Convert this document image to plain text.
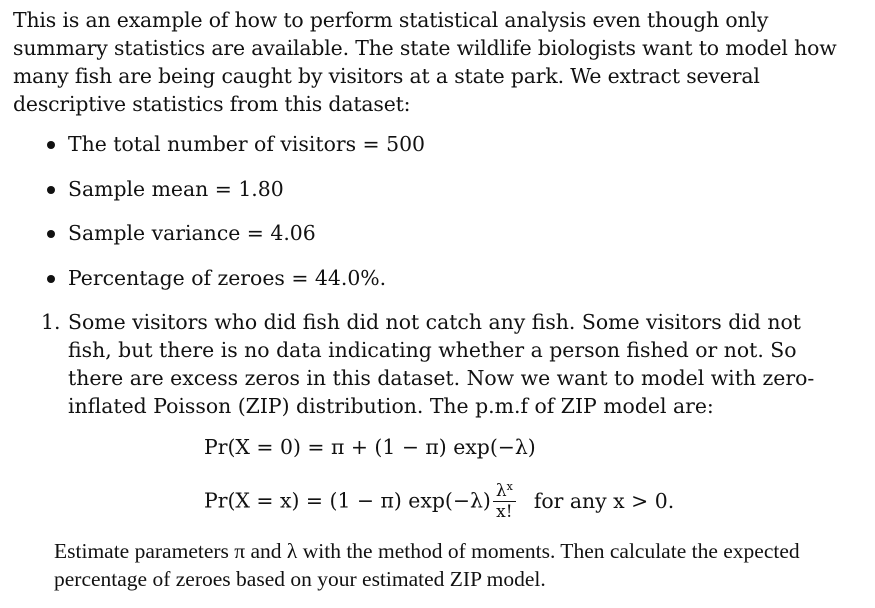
This is an example of how to perform statistical analysis even though only summary statistics are available. The state wildlife biologists want to model how many fish are being caught by visitors at a state park. We extract several descriptive statistics from this dataset:

The total number of visitors = 500
Sample mean = 1.80
Sample variance = 4.06
Percentage of zeroes = 44.0%.
1. Some visitors who did fish did not catch any fish. Some visitors did not fish, but there is no data indicating whether a person fished or not. So there are excess zeros in this dataset. Now we want to model with zero-inflated Poisson (ZIP) distribution. The p.m.f of ZIP model are:

Pr(X = 0) = π + (1 − π) exp(−λ)
Pr(X = x) = (1 − π) $\exp(-\lambda) \frac{\lambda^x}{x!}$ for any x > 0.

Estimate parameters π and λ with the method of moments. Then calculate the expected percentage of zeroes based on your estimated ZIP model.
